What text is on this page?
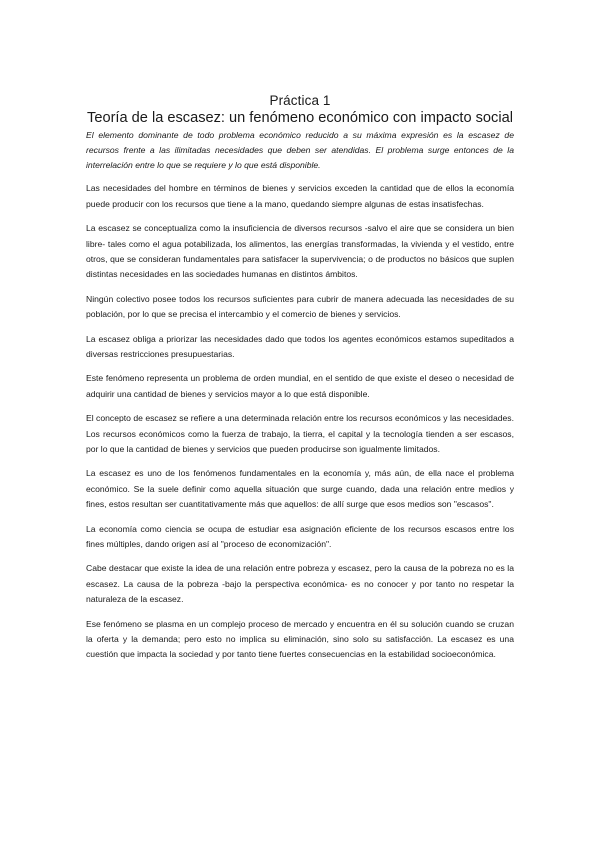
Práctica 1
Teoría de la escasez: un fenómeno económico con impacto social

El elemento dominante de todo problema económico reducido a su máxima expresión es la escasez de recursos frente a las ilimitadas necesidades que deben ser atendidas. El problema surge entonces de la interrelación entre lo que se requiere y lo que está disponible.

Las necesidades del hombre en términos de bienes y servicios exceden la cantidad que de ellos la economía puede producir con los recursos que tiene a la mano, quedando siempre algunas de estas insatisfechas.

La escasez se conceptualiza como la insuficiencia de diversos recursos -salvo el aire que se considera un bien libre- tales como el agua potabilizada, los alimentos, las energías transformadas, la vivienda y el vestido, entre otros, que se consideran fundamentales para satisfacer la supervivencia; o de productos no básicos que suplen distintas necesidades en las sociedades humanas en distintos ámbitos.

Ningún colectivo posee todos los recursos suficientes para cubrir de manera adecuada las necesidades de su población, por lo que se precisa el intercambio y el comercio de bienes y servicios.

La escasez obliga a priorizar las necesidades dado que todos los agentes económicos estamos supeditados a diversas restricciones presupuestarias.

Este fenómeno representa un problema de orden mundial, en el sentido de que existe el deseo o necesidad de adquirir una cantidad de bienes y servicios mayor a lo que está disponible.

El concepto de escasez se refiere a una determinada relación entre los recursos económicos y las necesidades. Los recursos económicos como la fuerza de trabajo, la tierra, el capital y la tecnología tienden a ser escasos, por lo que la cantidad de bienes y servicios que pueden producirse son igualmente limitados.

La escasez es uno de los fenómenos fundamentales en la economía y, más aún, de ella nace el problema económico. Se la suele definir como aquella situación que surge cuando, dada una relación entre medios y fines, estos resultan ser cuantitativamente más que aquellos: de allí surge que esos medios son "escasos".

La economía como ciencia se ocupa de estudiar esa asignación eficiente de los recursos escasos entre los fines múltiples, dando origen así al "proceso de economización".

Cabe destacar que existe la idea de una relación entre pobreza y escasez, pero la causa de la pobreza no es la escasez. La causa de la pobreza -bajo la perspectiva económica- es no conocer y por tanto no respetar la naturaleza de la escasez.

Ese fenómeno se plasma en un complejo proceso de mercado y encuentra en él su solución cuando se cruzan la oferta y la demanda; pero esto no implica su eliminación, sino solo su satisfacción. La escasez es una cuestión que impacta la sociedad y por tanto tiene fuertes consecuencias en la estabilidad socioeconómica.
